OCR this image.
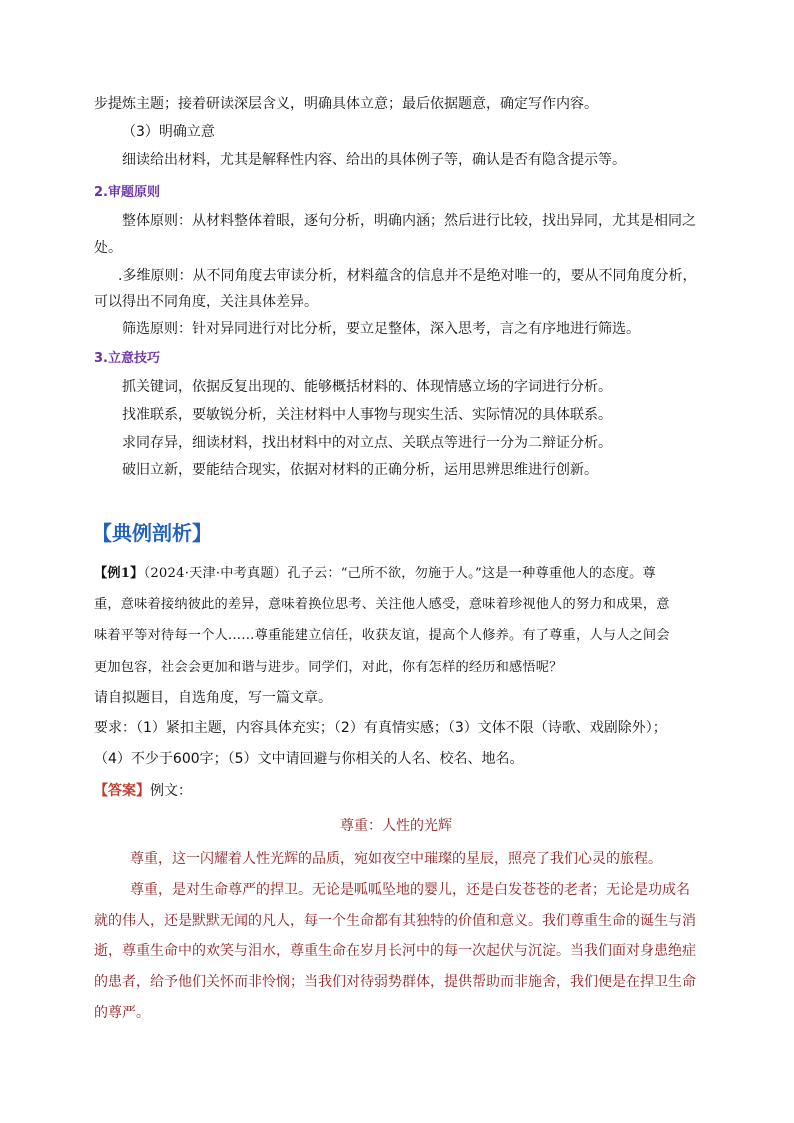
步提炼主题；接着研读深层含义，明确具体立意；最后依据题意，确定写作内容。
（3）明确立意
细读给出材料，尤其是解释性内容、给出的具体例子等，确认是否有隐含提示等。
2.审题原则
整体原则：从材料整体着眼，逐句分析，明确内涵；然后进行比较，找出异同，尤其是相同之
处。
.多维原则：从不同角度去审读分析，材料蕴含的信息并不是绝对唯一的，要从不同角度分析，
可以得出不同角度，关注具体差异。
筛选原则：针对异同进行对比分析，要立足整体，深入思考，言之有序地进行筛选。
3.立意技巧
抓关键词，依据反复出现的、能够概括材料的、体现情感立场的字词进行分析。
找准联系，要敏锐分析，关注材料中人事物与现实生活、实际情况的具体联系。
求同存异，细读材料，找出材料中的对立点、关联点等进行一分为二辩证分析。
破旧立新，要能结合现实，依据对材料的正确分析，运用思辨思维进行创新。
【典例剖析】
【例1】（2024·天津·中考真题）孔子云：“己所不欲，勿施于人。”这是一种尊重他人的态度。尊
重，意味着接纳彼此的差异，意味着换位思考、关注他人感受，意味着珍视他人的努力和成果，意
味着平等对待每一个人……尊重能建立信任，收获友谊，提高个人修养。有了尊重，人与人之间会
更加包容，社会会更加和谐与进步。同学们，对此，你有怎样的经历和感悟呢？
请自拟题目，自选角度，写一篇文章。
要求：（1）紧扣主题，内容具体充实；（2）有真情实感；（3）文体不限（诗歌、戏剧除外）；
（4）不少于600字；（5）文中请回避与你相关的人名、校名、地名。
【答案】例文：
尊重：人性的光辉
尊重，这一闪耀着人性光辉的品质，宛如夜空中璀璨的星辰，照亮了我们心灵的旅程。
尊重，是对生命尊严的捍卫。无论是呱呱坠地的婴儿，还是白发苍苍的老者；无论是功成名
就的伟人，还是默默无闻的凡人，每一个生命都有其独特的价值和意义。我们尊重生命的诞生与消
逝，尊重生命中的欢笑与泪水，尊重生命在岁月长河中的每一次起伏与沉淀。当我们面对身患绝症
的患者，给予他们关怀而非怜悯；当我们对待弱势群体，提供帮助而非施舍，我们便是在捍卫生命
的尊严。
